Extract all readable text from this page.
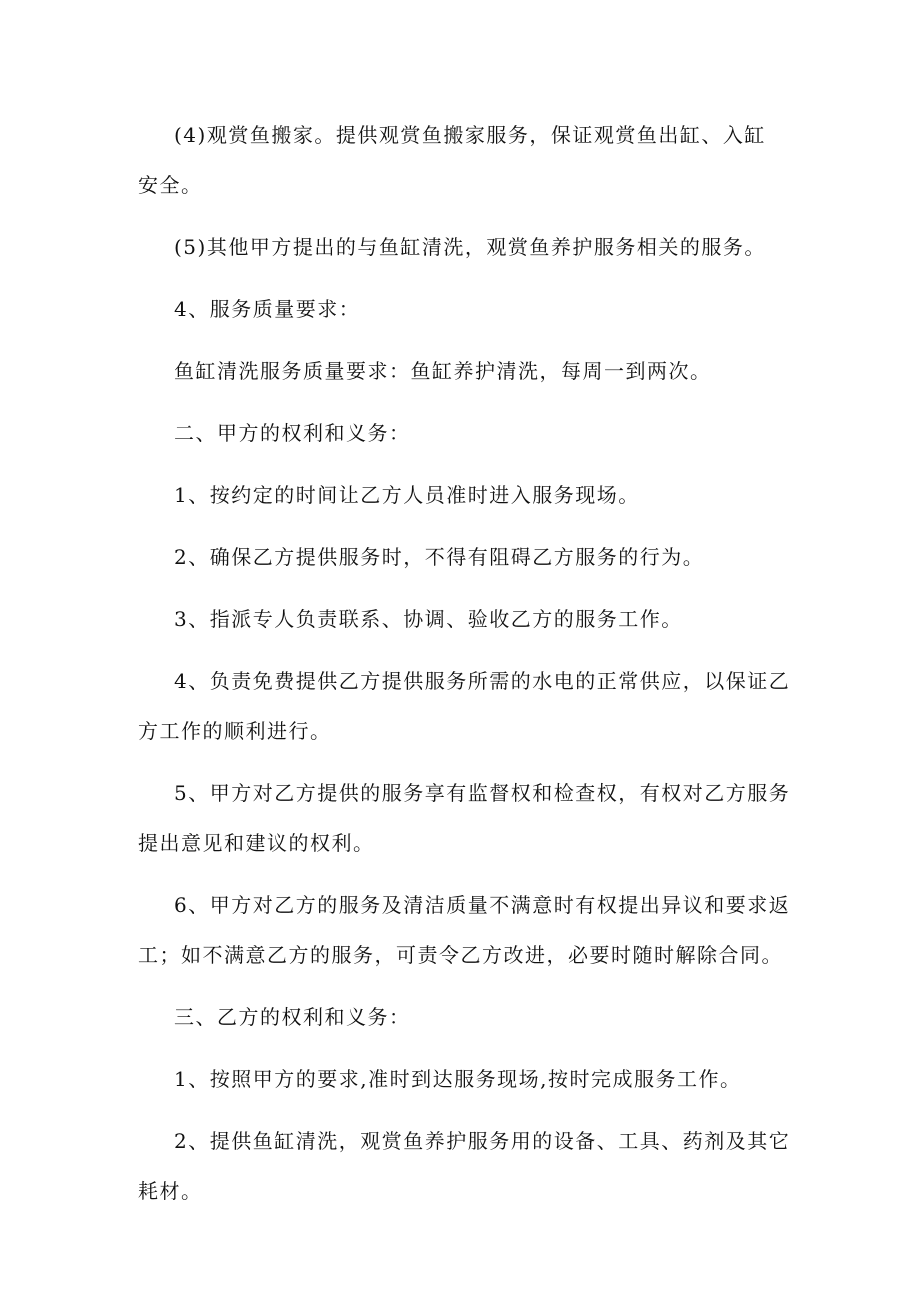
(4)观赏鱼搬家。提供观赏鱼搬家服务，保证观赏鱼出缸、入缸
安全。

(5)其他甲方提出的与鱼缸清洗，观赏鱼养护服务相关的服务。

4、服务质量要求：

鱼缸清洗服务质量要求：鱼缸养护清洗，每周一到两次。

二、甲方的权利和义务：

1、按约定的时间让乙方人员准时进入服务现场。

2、确保乙方提供服务时，不得有阻碍乙方服务的行为。

3、指派专人负责联系、协调、验收乙方的服务工作。

4、负责免费提供乙方提供服务所需的水电的正常供应，以保证乙
方工作的顺利进行。

5、甲方对乙方提供的服务享有监督权和检查权，有权对乙方服务
提出意见和建议的权利。

6、甲方对乙方的服务及清洁质量不满意时有权提出异议和要求返
工；如不满意乙方的服务，可责令乙方改进，必要时随时解除合同。

三、乙方的权利和义务：

1、按照甲方的要求,准时到达服务现场,按时完成服务工作。

2、提供鱼缸清洗，观赏鱼养护服务用的设备、工具、药剂及其它
耗材。
